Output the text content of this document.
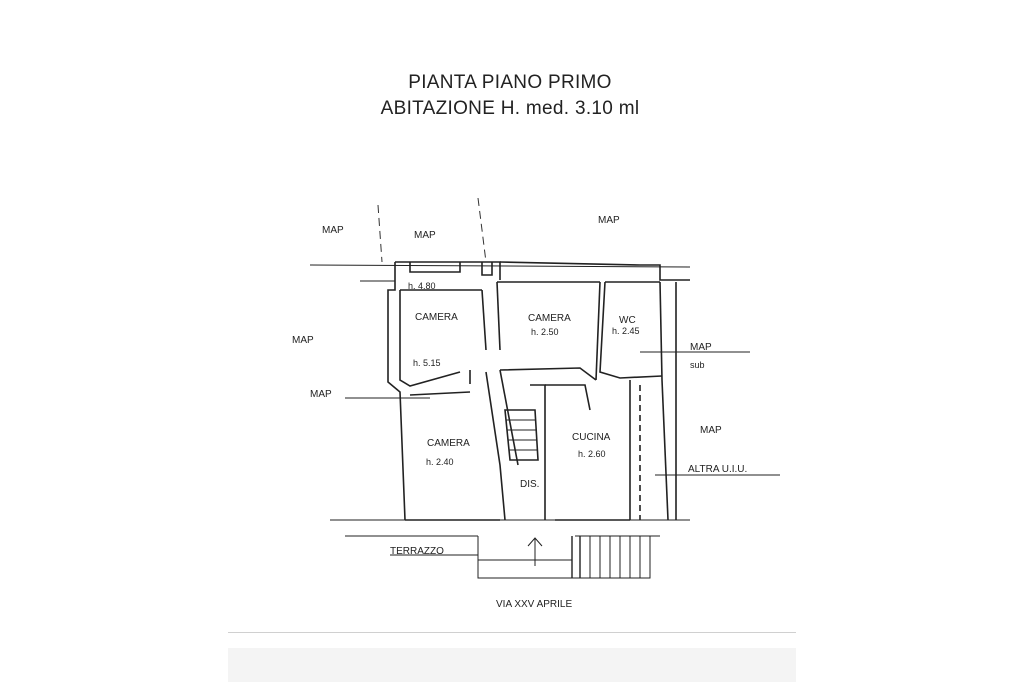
PIANTA PIANO PRIMO
ABITAZIONE H. med. 3.10 ml
MAP	MAP
MAP
MAP
MAP
MAP
sub
MAP
ALTRA U.I.U.
h. 4.80
CAMERA
h. 5.15
CAMERA
h. 2.50
WC
h. 2.45
CAMERA
h. 2.40
CUCINA
h. 2.60
DIS.
TERRAZZO
VIA XXV APRILE
